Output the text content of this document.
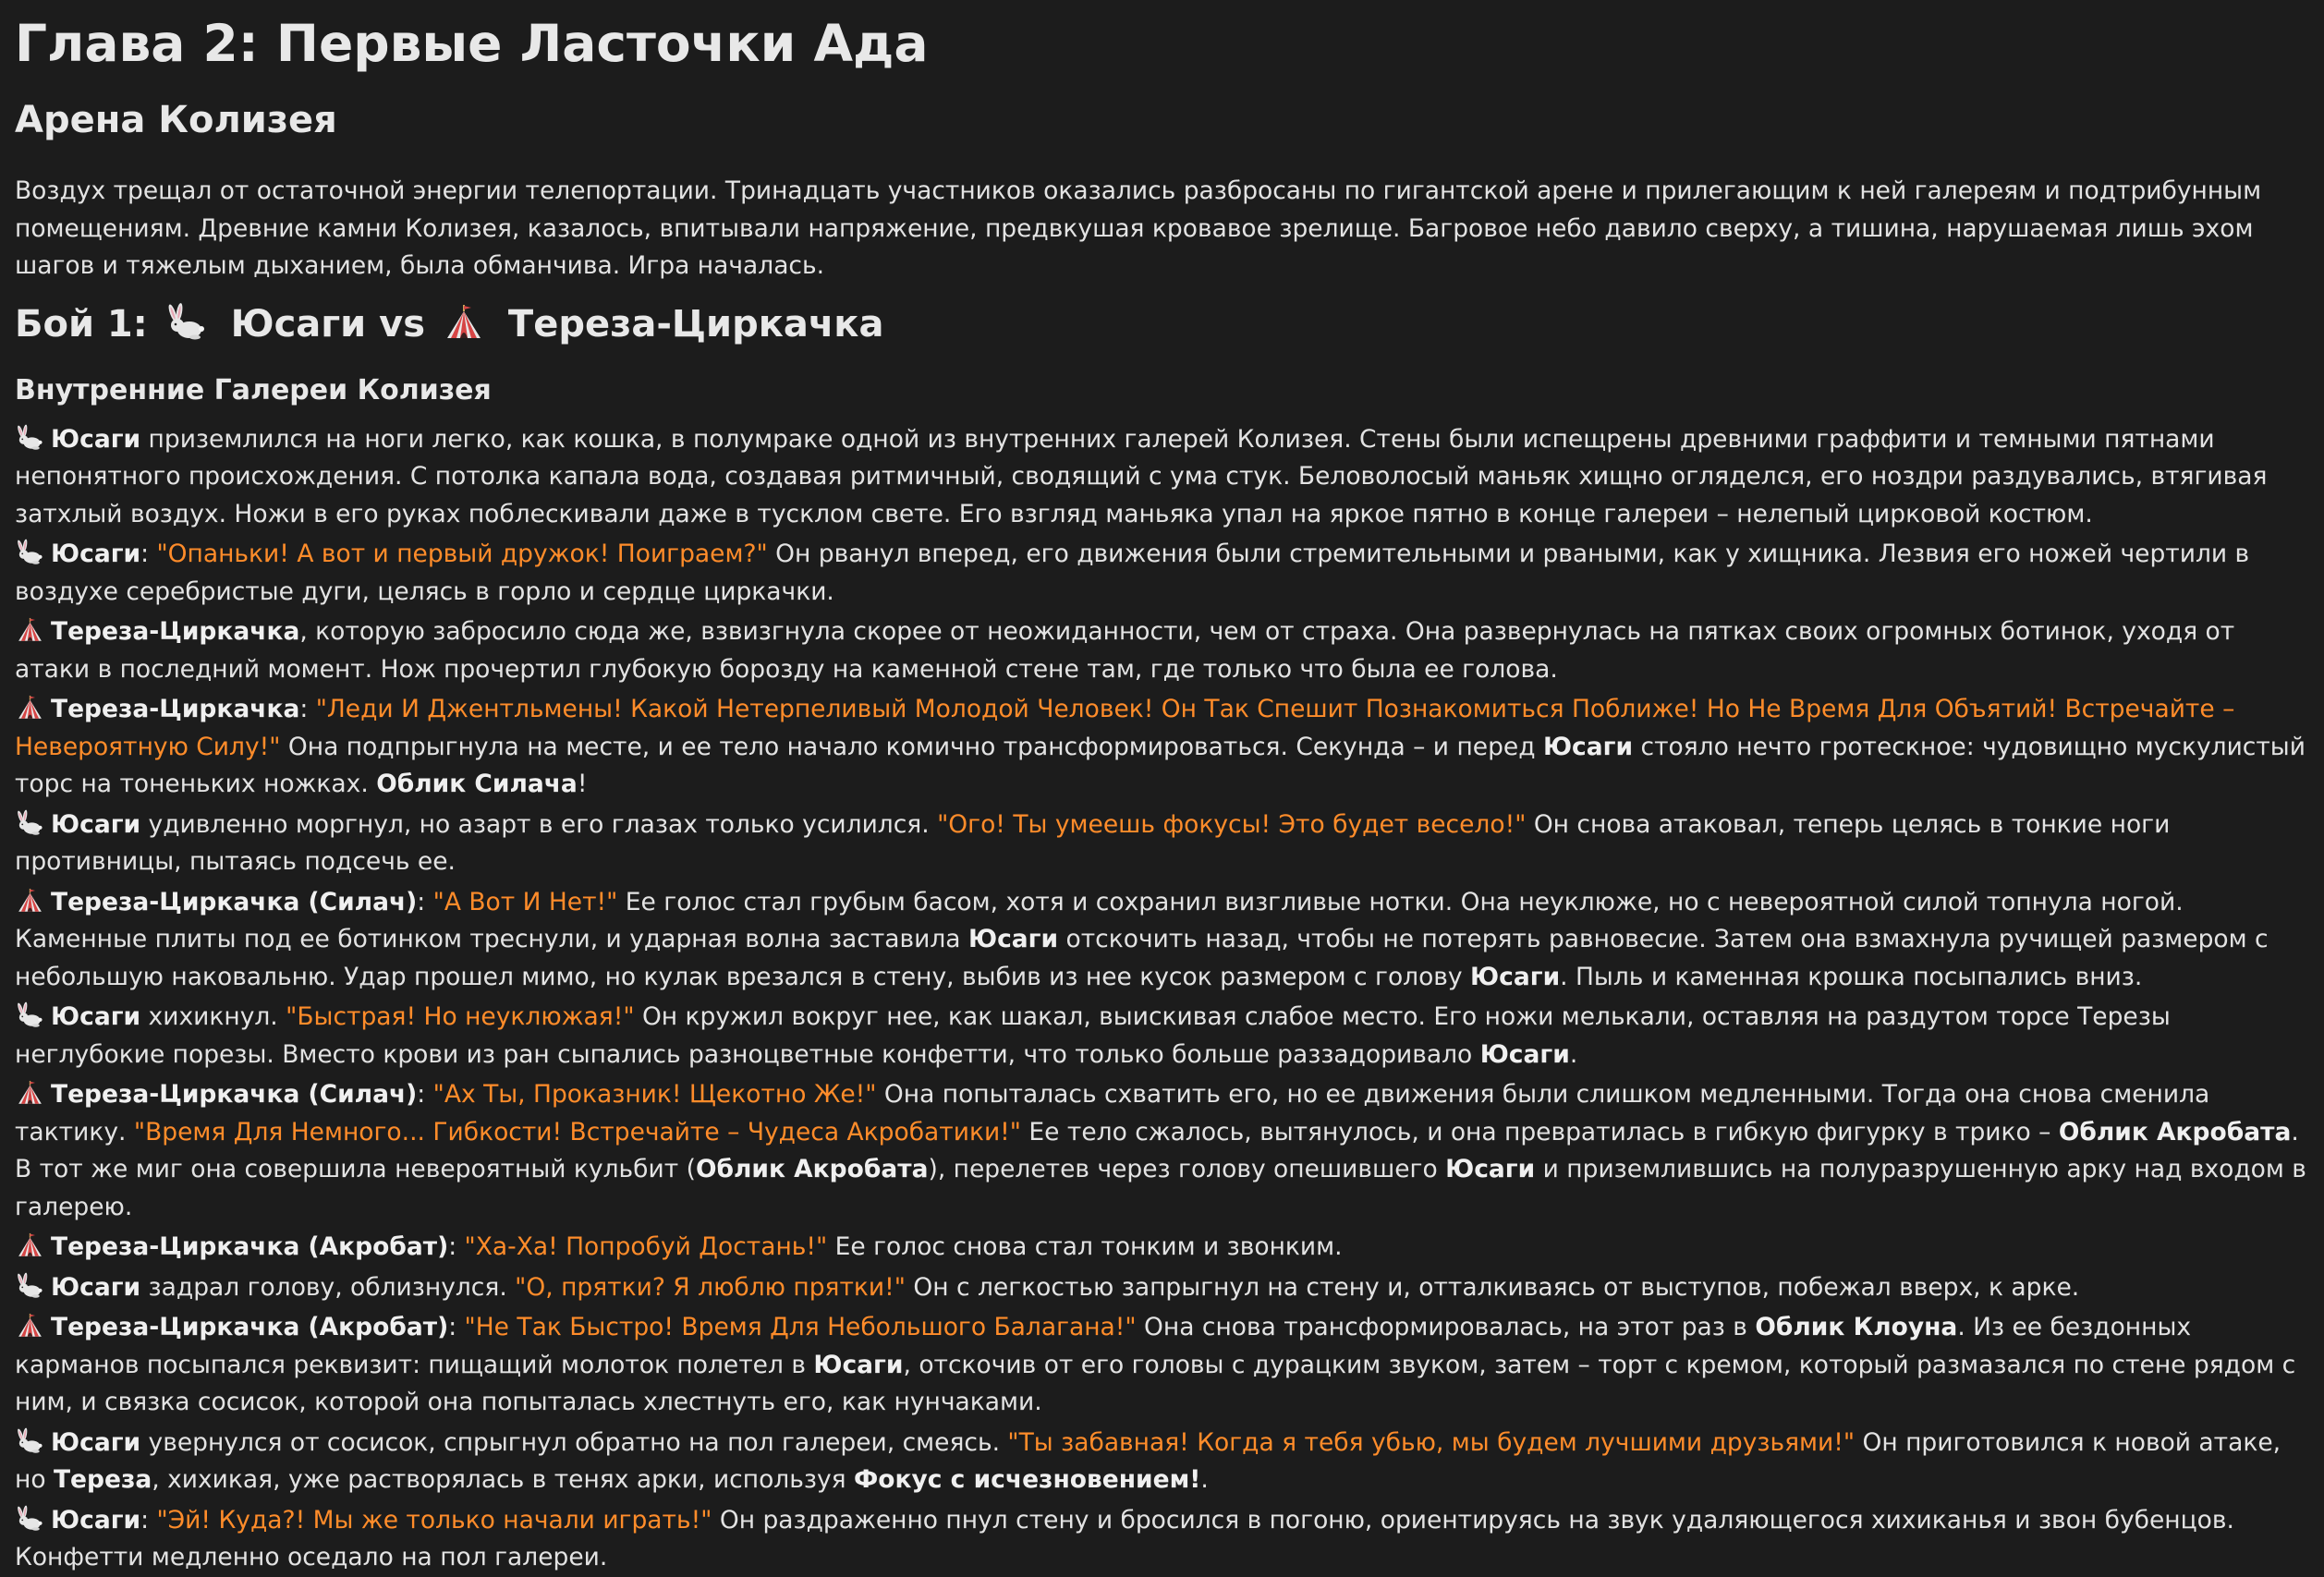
Глава 2: Первые Ласточки Ада
Арена Колизея

Воздух трещал от остаточной энергии телепортации. Тринадцать участников оказались разбросаны по гигантской арене и прилегающим к ней галереям и подтрибунным помещениям. Древние камни Колизея, казалось, впитывали напряжение, предвкушая кровавое зрелище. Багровое небо давило сверху, а тишина, нарушаемая лишь эхом шагов и тяжелым дыханием, была обманчива. Игра началась.

Бой 1: Юсаги vs Тереза-Циркачка
Внутренние Галереи Колизея

Юсаги приземлился на ноги легко, как кошка, в полумраке одной из внутренних галерей Колизея. Стены были испещрены древними граффити и темными пятнами непонятного происхождения. С потолка капала вода, создавая ритмичный, сводящий с ума стук. Беловолосый маньяк хищно огляделся, его ноздри раздувались, втягивая затхлый воздух. Ножи в его руках поблескивали даже в тусклом свете. Его взгляд маньяка упал на яркое пятно в конце галереи – нелепый цирковой костюм.

Юсаги: "Опаньки! А вот и первый дружок! Поиграем?" Он рванул вперед, его движения были стремительными и рваными, как у хищника. Лезвия его ножей чертили в воздухе серебристые дуги, целясь в горло и сердце циркачки.

Тереза-Циркачка, которую забросило сюда же, взвизгнула скорее от неожиданности, чем от страха. Она развернулась на пятках своих огромных ботинок, уходя от атаки в последний момент. Нож прочертил глубокую борозду на каменной стене там, где только что была ее голова.

Тереза-Циркачка: "Леди И Джентльмены! Какой Нетерпеливый Молодой Человек! Он Так Спешит Познакомиться Поближе! Но Не Время Для Объятий! Встречайте – Невероятную Силу!" Она подпрыгнула на месте, и ее тело начало комично трансформироваться. Секунда – и перед Юсаги стояло нечто гротескное: чудовищно мускулистый торс на тоненьких ножках. Облик Силача!

Юсаги удивленно моргнул, но азарт в его глазах только усилился. "Ого! Ты умеешь фокусы! Это будет весело!" Он снова атаковал, теперь целясь в тонкие ноги противницы, пытаясь подсечь ее.

Тереза-Циркачка (Силач): "А Вот И Нет!" Ее голос стал грубым басом, хотя и сохранил визгливые нотки. Она неуклюже, но с невероятной силой топнула ногой. Каменные плиты под ее ботинком треснули, и ударная волна заставила Юсаги отскочить назад, чтобы не потерять равновесие. Затем она взмахнула ручищей размером с небольшую наковальню. Удар прошел мимо, но кулак врезался в стену, выбив из нее кусок размером с голову Юсаги. Пыль и каменная крошка посыпались вниз.

Юсаги хихикнул. "Быстрая! Но неуклюжая!" Он кружил вокруг нее, как шакал, выискивая слабое место. Его ножи мелькали, оставляя на раздутом торсе Терезы неглубокие порезы. Вместо крови из ран сыпались разноцветные конфетти, что только больше раззадоривало Юсаги.

Тереза-Циркачка (Силач): "Ах Ты, Проказник! Щекотно Же!" Она попыталась схватить его, но ее движения были слишком медленными. Тогда она снова сменила тактику. "Время Для Немного... Гибкости! Встречайте – Чудеса Акробатики!" Ее тело сжалось, вытянулось, и она превратилась в гибкую фигурку в трико – Облик Акробата.

В тот же миг она совершила невероятный кульбит (Облик Акробата), перелетев через голову опешившего Юсаги и приземлившись на полуразрушенную арку над входом в галерею.

Тереза-Циркачка (Акробат): "Ха-Ха! Попробуй Достань!" Ее голос снова стал тонким и звонким.

Юсаги задрал голову, облизнулся. "О, прятки? Я люблю прятки!" Он с легкостью запрыгнул на стену и, отталкиваясь от выступов, побежал вверх, к арке.

Тереза-Циркачка (Акробат): "Не Так Быстро! Время Для Небольшого Балагана!" Она снова трансформировалась, на этот раз в Облик Клоуна. Из ее бездонных карманов посыпался реквизит: пищащий молоток полетел в Юсаги, отскочив от его головы с дурацким звуком, затем – торт с кремом, который размазался по стене рядом с ним, и связка сосисок, которой она попыталась хлестнуть его, как нунчаками.

Юсаги увернулся от сосисок, спрыгнул обратно на пол галереи, смеясь. "Ты забавная! Когда я тебя убью, мы будем лучшими друзьями!" Он приготовился к новой атаке, но Тереза, хихикая, уже растворялась в тенях арки, используя Фокус с исчезновением!.

Юсаги: "Эй! Куда?! Мы же только начали играть!" Он раздраженно пнул стену и бросился в погоню, ориентируясь на звук удаляющегося хихиканья и звон бубенцов. Конфетти медленно оседало на пол галереи.
